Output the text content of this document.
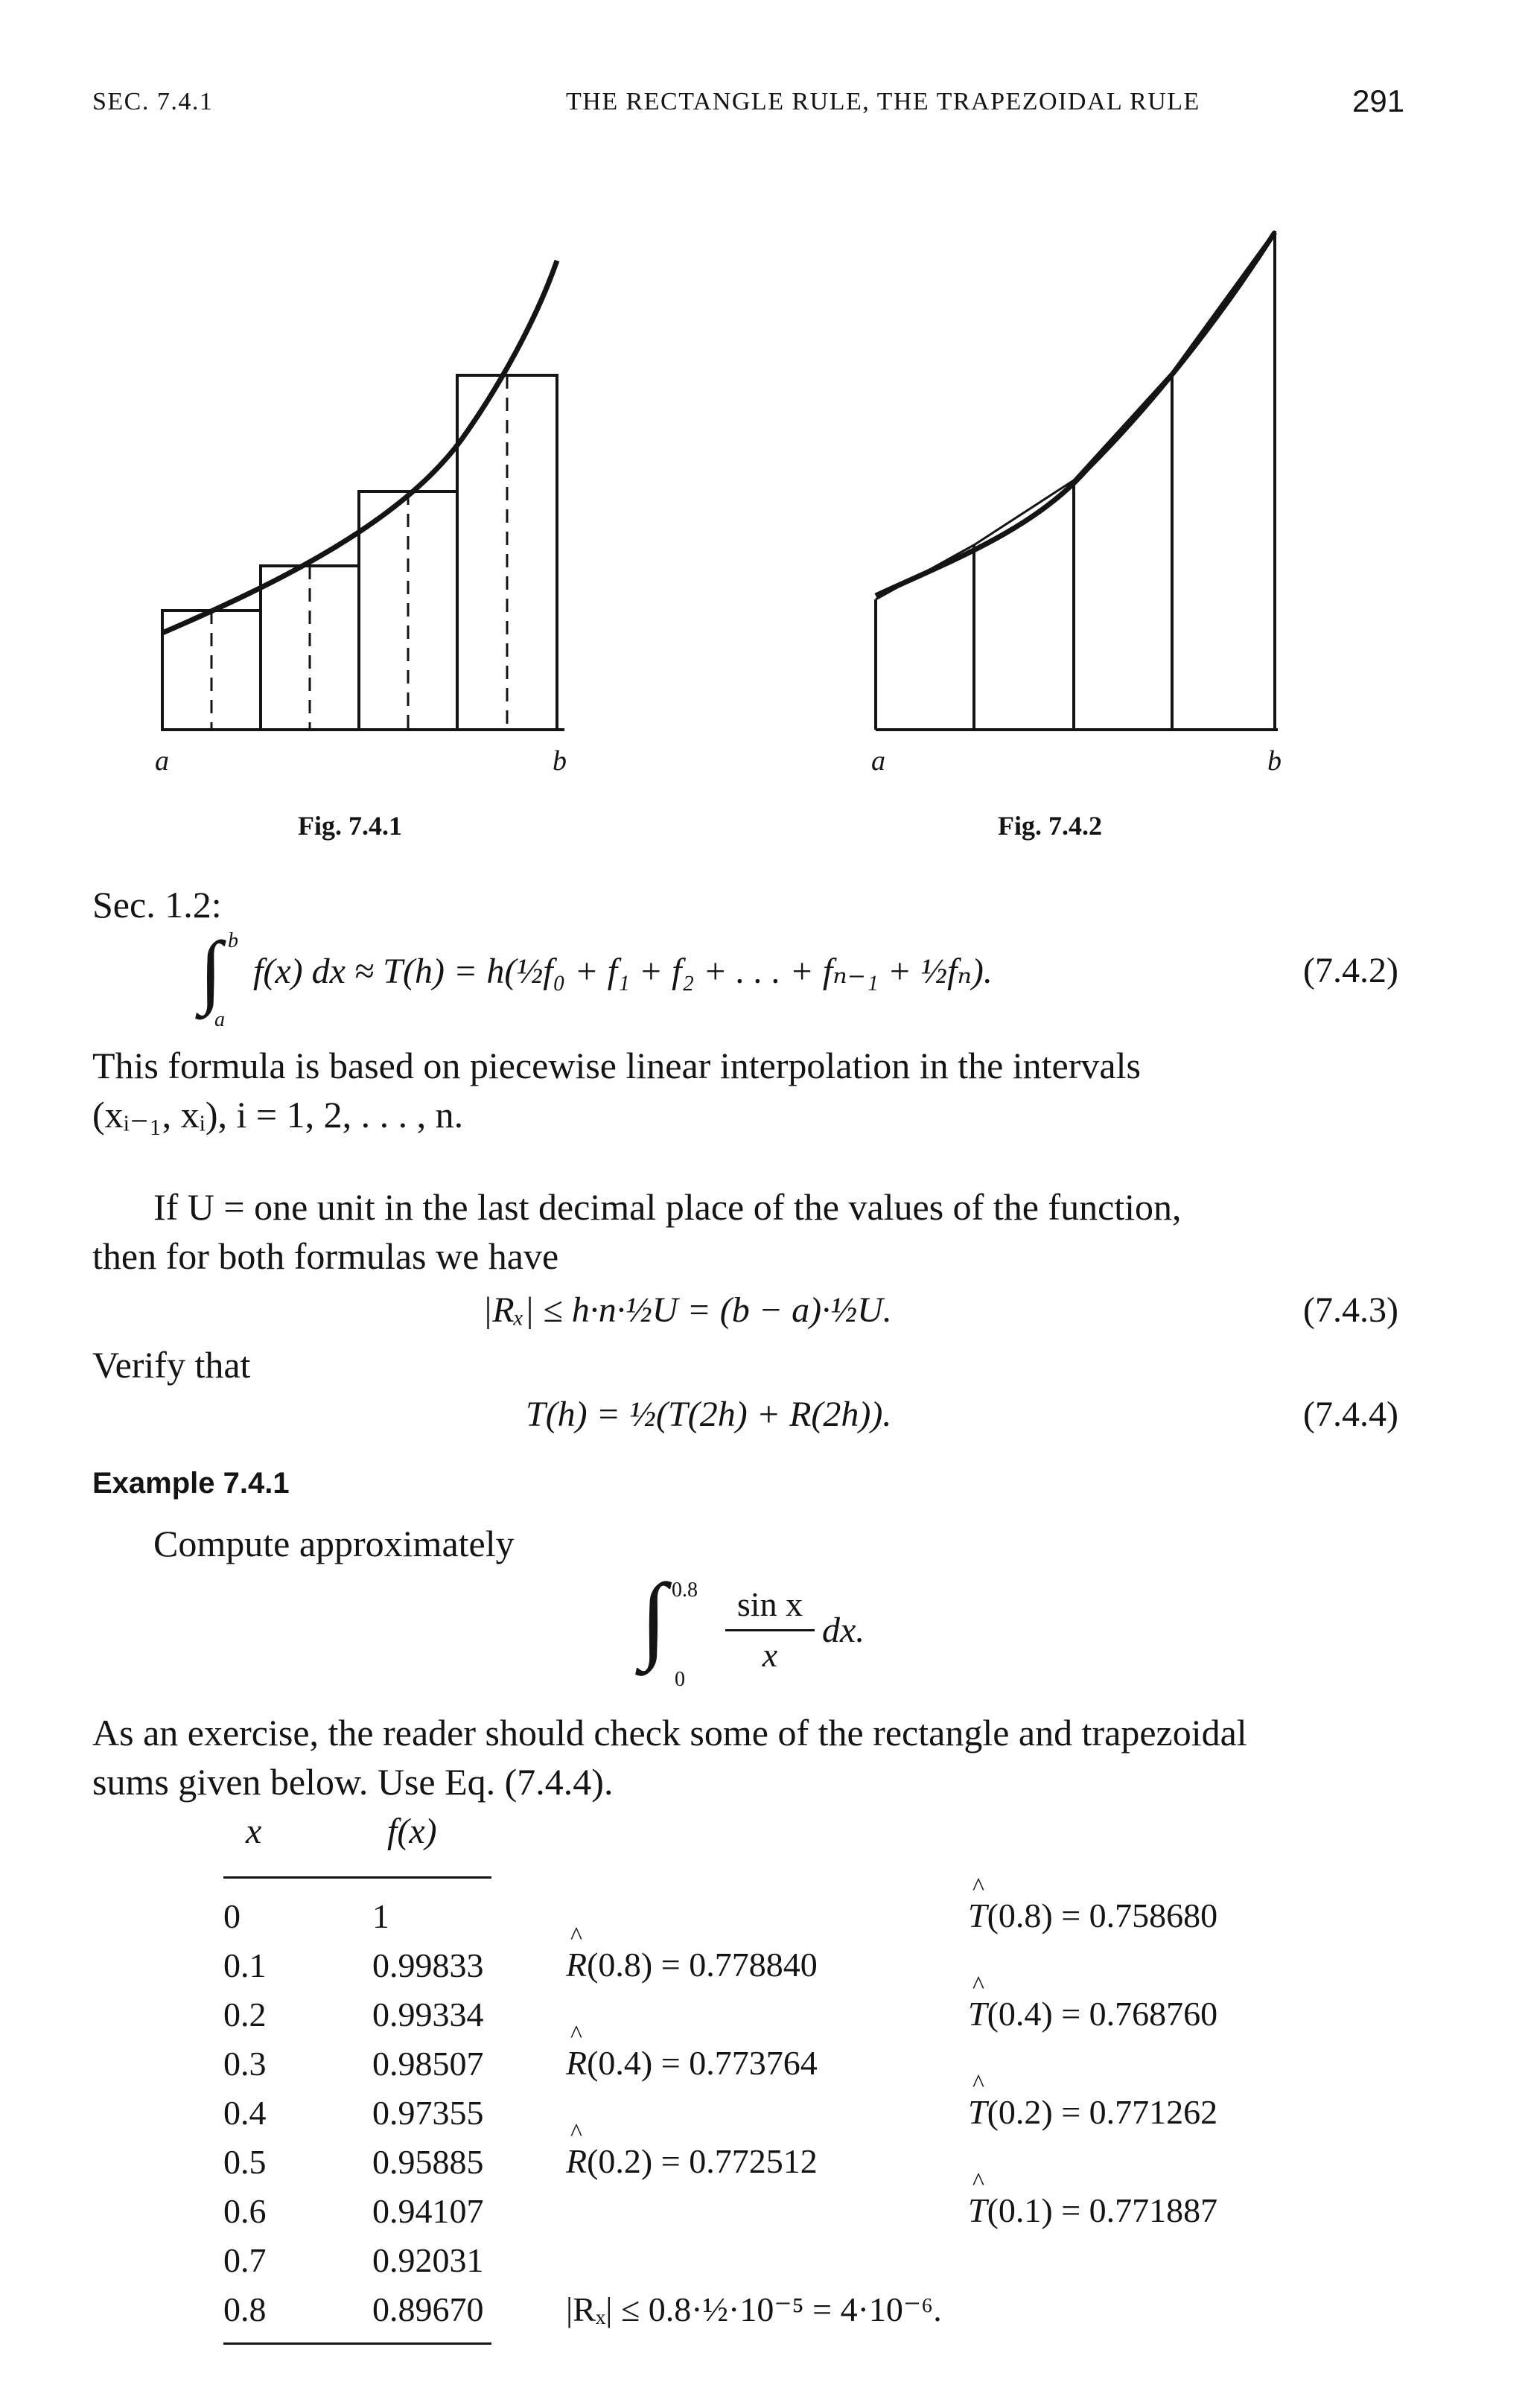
SEC. 7.4.1	THE RECTANGLE RULE, THE TRAPEZOIDAL RULE	291
a	b
Fig. 7.4.1
a	b
Fig. 7.4.2
Sec. 1.2:
∫ b
a
f(x) dx ≈ T(h) = h(½f₀ + f₁ + f₂ + . . . + fₙ₋₁ + ½fₙ).	(7.4.2)
This formula is based on piecewise linear interpolation in the intervals
(xᵢ₋₁, xᵢ), i = 1, 2, . . . , n.
If U = one unit in the last decimal place of the values of the function,
then for both formulas we have
|Rₓ| ≤ h·n·½U = (b − a)·½U.	(7.4.3)
Verify that
T(h) = ½(T(2h) + R(2h)).	(7.4.4)
Example 7.4.1
Compute approximately
∫ 0.8
0
sin x
x
dx.
As an exercise, the reader should check some of the rectangle and trapezoidal
sums given below. Use Eq. (7.4.4).
x	f(x)
0	1
0.1	0.99833
0.2	0.99334
0.3	0.98507
0.4	0.97355
0.5	0.95885
0.6	0.94107
0.7	0.92031
0.8	0.89670
^ T(0.8) = 0.758680
^ R(0.8) = 0.778840
^ T(0.4) = 0.768760
^ R(0.4) = 0.773764
^ T(0.2) = 0.771262
^ R(0.2) = 0.772512
^ T(0.1) = 0.771887
|Rₓ| ≤ 0.8·½·10⁻⁵ = 4·10⁻⁶.
